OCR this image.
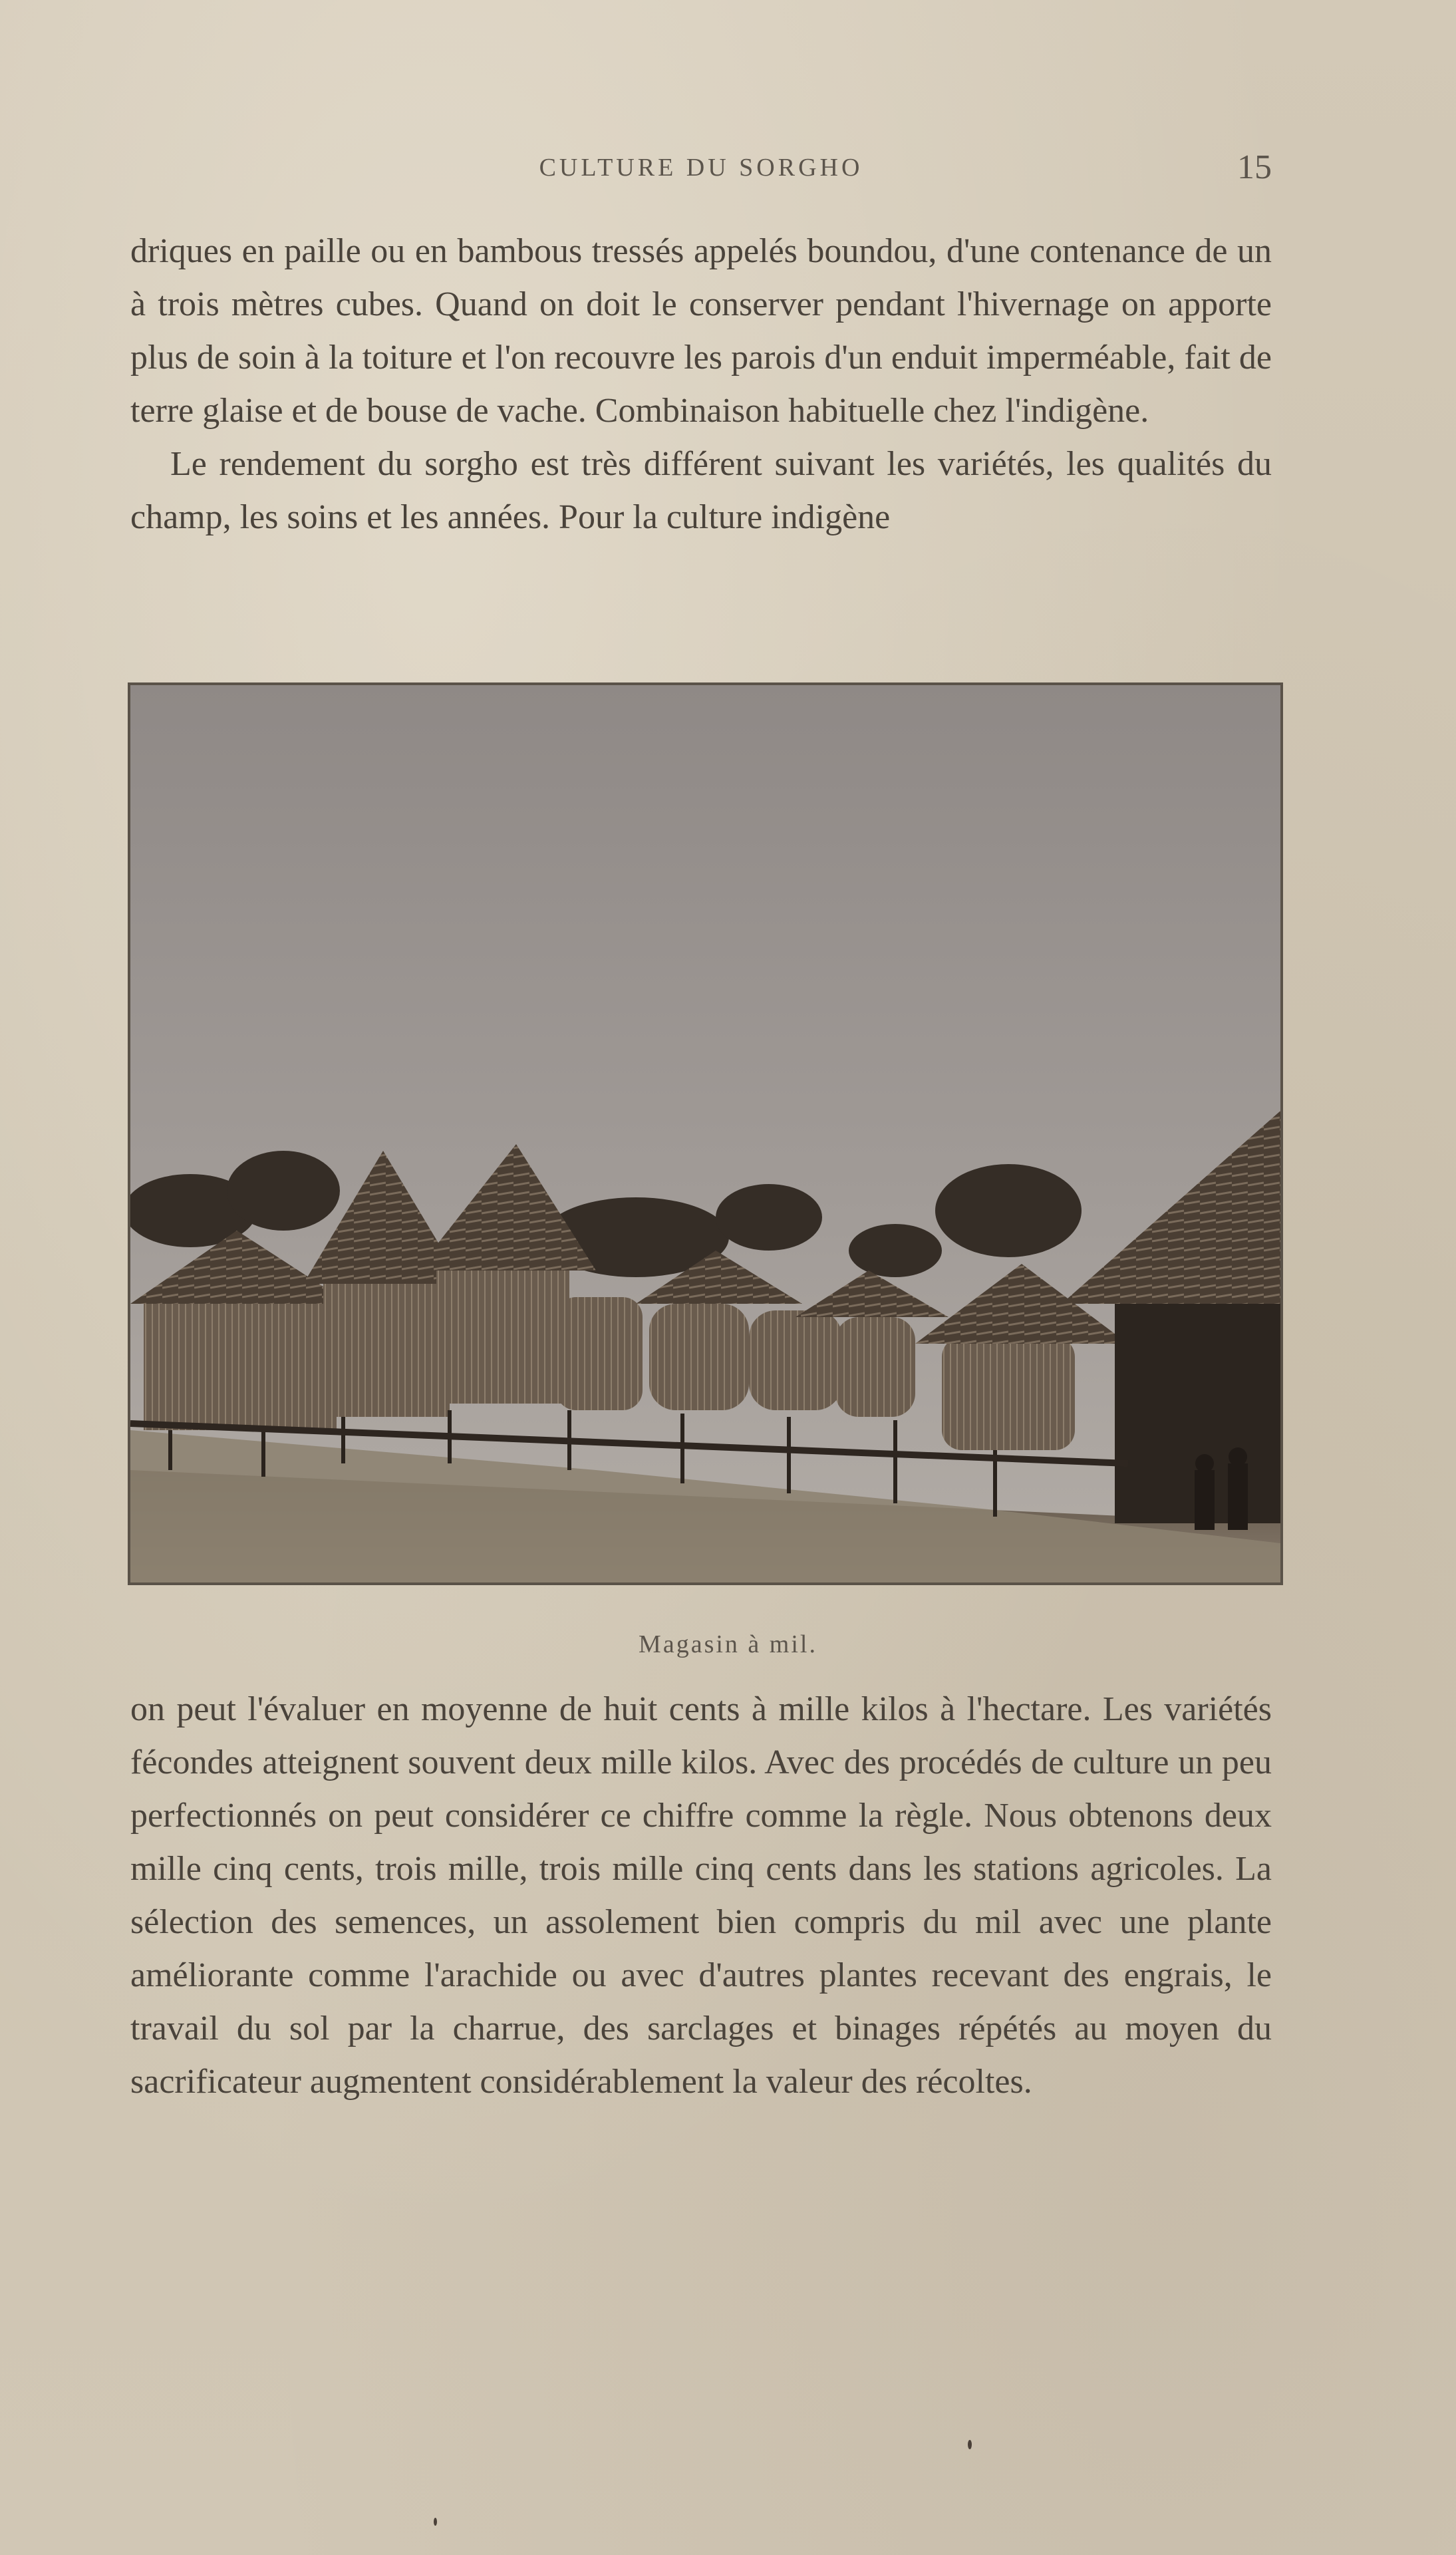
CULTURE DU SORGHO	15

driques en paille ou en bambous tressés appelés boundou, d'une contenance de un à trois mètres cubes. Quand on doit le conserver pendant l'hivernage on apporte plus de soin à la toiture et l'on recouvre les parois d'un enduit imperméable, fait de terre glaise et de bouse de vache. Combinaison habituelle chez l'indigène.

Le rendement du sorgho est très différent suivant les variétés, les qualités du champ, les soins et les années. Pour la culture indigène

Magasin à mil.

on peut l'évaluer en moyenne de huit cents à mille kilos à l'hectare. Les variétés fécondes atteignent souvent deux mille kilos. Avec des procédés de culture un peu perfectionnés on peut considérer ce chiffre comme la règle. Nous obtenons deux mille cinq cents, trois mille, trois mille cinq cents dans les stations agricoles. La sélection des semences, un assolement bien compris du mil avec une plante améliorante comme l'arachide ou avec d'autres plantes recevant des engrais, le travail du sol par la charrue, des sarclages et binages répétés au moyen du sacrificateur augmentent considérablement la valeur des récoltes.
